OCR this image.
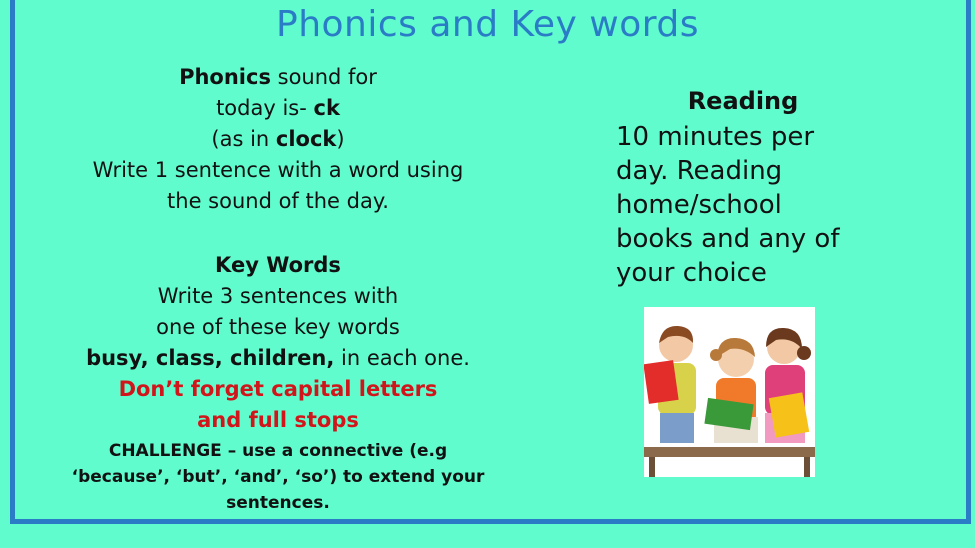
Phonics and Key words
Phonics sound for
today is- ck
(as in clock)
Write 1 sentence with a word using
the sound of the day.
Key Words
Write 3 sentences with
one of these key words
busy, class, children, in each one.
Don’t forget capital letters
and full stops
CHALLENGE – use a connective (e.g
‘because’, ‘but’, ‘and’, ‘so’) to extend your
sentences.
Reading
10 minutes per
day. Reading
home/school
books and any of
your choice
